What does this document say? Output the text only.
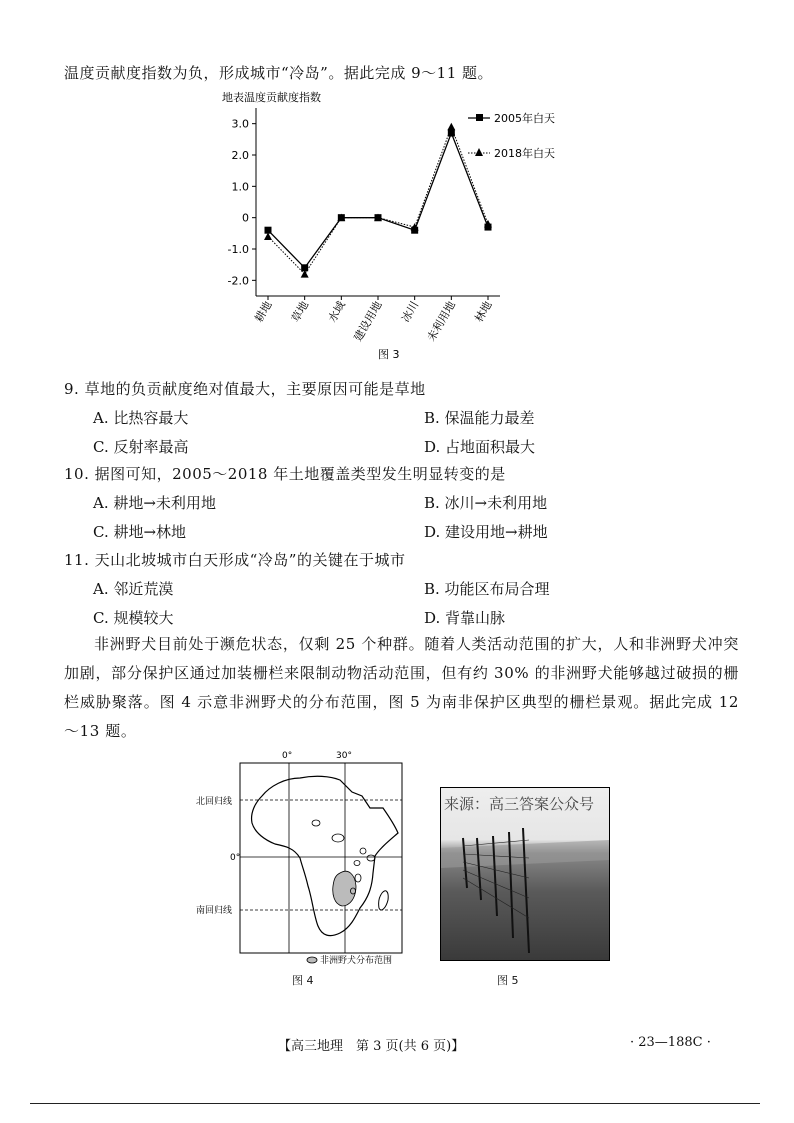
温度贡献度指数为负，形成城市“冷岛”。据此完成 9～11 题。
地表温度贡献度指数
3.0
2.0
1.0
0
-1.0
-2.0
耕地 草地 水域 建设用地 冰川 未利用地 林地
2005年白天
2018年白天
图 3
9. 草地的负贡献度绝对值最大，主要原因可能是草地
A. 比热容最大	B. 保温能力最差
C. 反射率最高	D. 占地面积最大
10. 据图可知，2005～2018 年土地覆盖类型发生明显转变的是
A. 耕地→未利用地	B. 冰川→未利用地
C. 耕地→林地	D. 建设用地→耕地
11. 天山北坡城市白天形成“冷岛”的关键在于城市
A. 邻近荒漠	B. 功能区布局合理
C. 规模较大	D. 背靠山脉
非洲野犬目前处于濒危状态，仅剩 25 个种群。随着人类活动范围的扩大，人和非洲野犬冲突加剧，部分保护区通过加装栅栏来限制动物活动范围，但有约 30% 的非洲野犬能够越过破损的栅栏威胁聚落。图 4 示意非洲野犬的分布范围，图 5 为南非保护区典型的栅栏景观。据此完成 12～13 题。
0°	30°
北回归线
0°
南回归线
非洲野犬分布范围
图 4
来源：高三答案公众号
图 5
【高三地理　第 3 页(共 6 页)】	· 23—188C ·
